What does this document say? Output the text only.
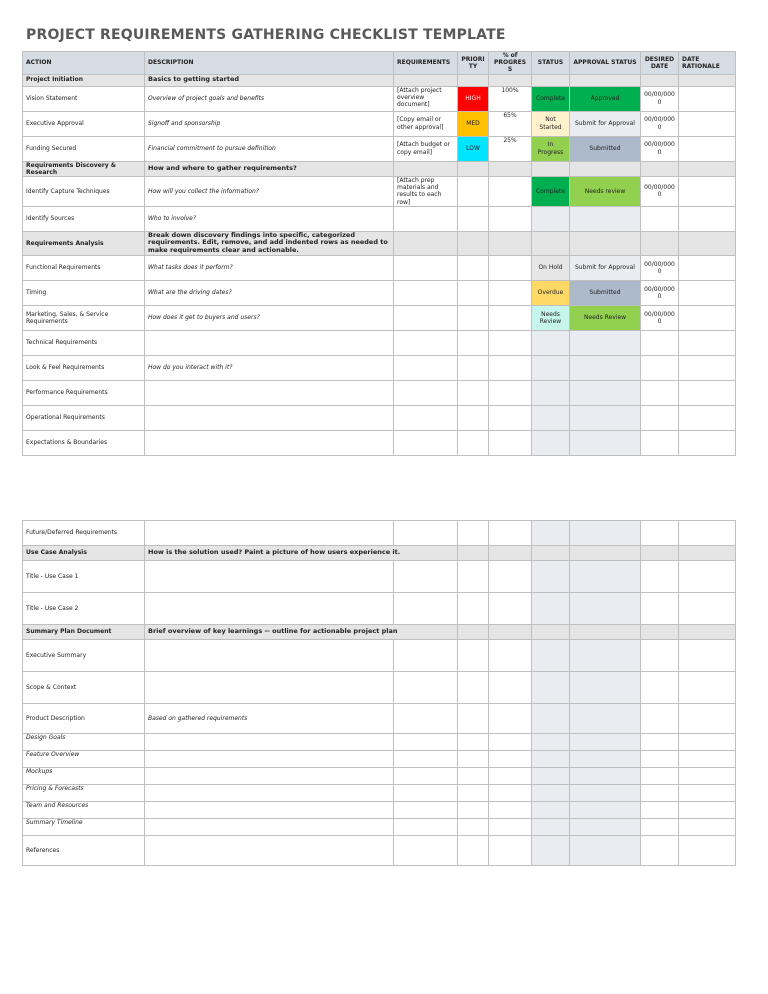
PROJECT REQUIREMENTS GATHERING CHECKLIST TEMPLATE
ACTION	DESCRIPTION	REQUIREMENTS	PRIORI TY	% of PROGRES S	STATUS	APPROVAL STATUS	DESIRED DATE	DATE RATIONALE
Project Initiation	Basics to getting started							
Vision Statement	Overview of project goals and benefits	[Attach project overview document]	HIGH	100%	Complete	Approved	00/00/000 0	
Executive Approval	Signoff and sponsorship	[Copy email or other approval]	MED	65%	Not Started	Submit for Approval	00/00/000 0	
Funding Secured	Financial commitment to pursue definition	[Attach budget or copy email]	LOW	25%	In Progress	Submitted	00/00/000 0	
Requirements Discovery & Research	How and where to gather requirements?							
Identify Capture Techniques	How will you collect the information?	[Attach prep materials and results to each row]			Complete	Needs review	00/00/000 0	
Identify Sources	Who to involve?							
Requirements Analysis	Break down discovery findings into specific, categorized requirements. Edit, remove, and add indented rows as needed to make requirements clear and actionable.							
Functional Requirements	What tasks does it perform?				On Hold	Submit for Approval	00/00/000 0	
Timing	What are the driving dates?				Overdue	Submitted	00/00/000 0	
Marketing, Sales, & Service Requirements	How does it get to buyers and users?				Needs Review	Needs Review	00/00/000 0	
Technical Requirements								
Look & Feel Requirements	How do you interact with it?							
Performance Requirements								
Operational Requirements								
Expectations & Boundaries								
Future/Deferred Requirements								
Use Case Analysis	How is the solution used? Paint a picture of how users experience it.							
Title - Use Case 1								
Title - Use Case 2								
Summary Plan Document	Brief overview of key learnings -- outline for actionable project plan							
Executive Summary								
Scope & Context								
Product Description	Based on gathered requirements							
Design Goals								
Feature Overview								
Mockups								
Pricing & Forecasts								
Team and Resources								
Summary Timeline								
References								
